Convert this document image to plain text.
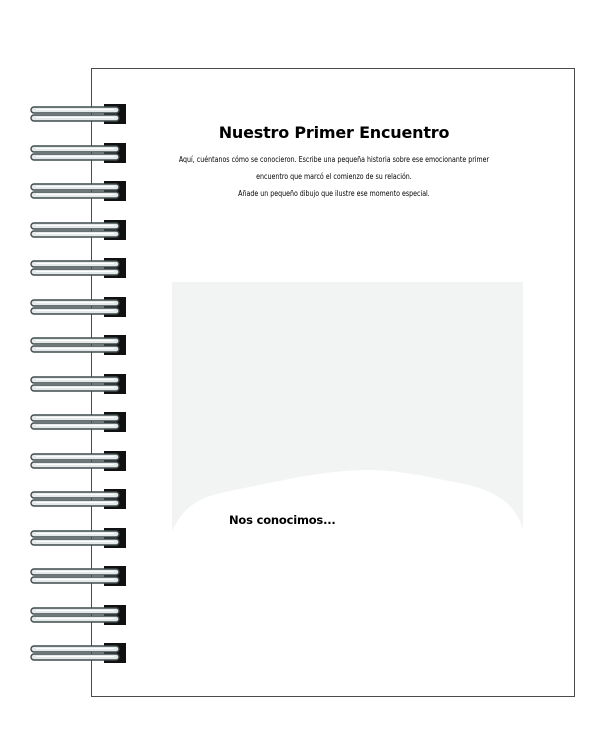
Nuestro Primer Encuentro
Aquí, cuéntanos cómo se conocieron. Escribe una pequeña historia sobre ese emocionante primer
encuentro que marcó el comienzo de su relación.
Añade un pequeño dibujo que ilustre ese momento especial.
Nos conocimos...
